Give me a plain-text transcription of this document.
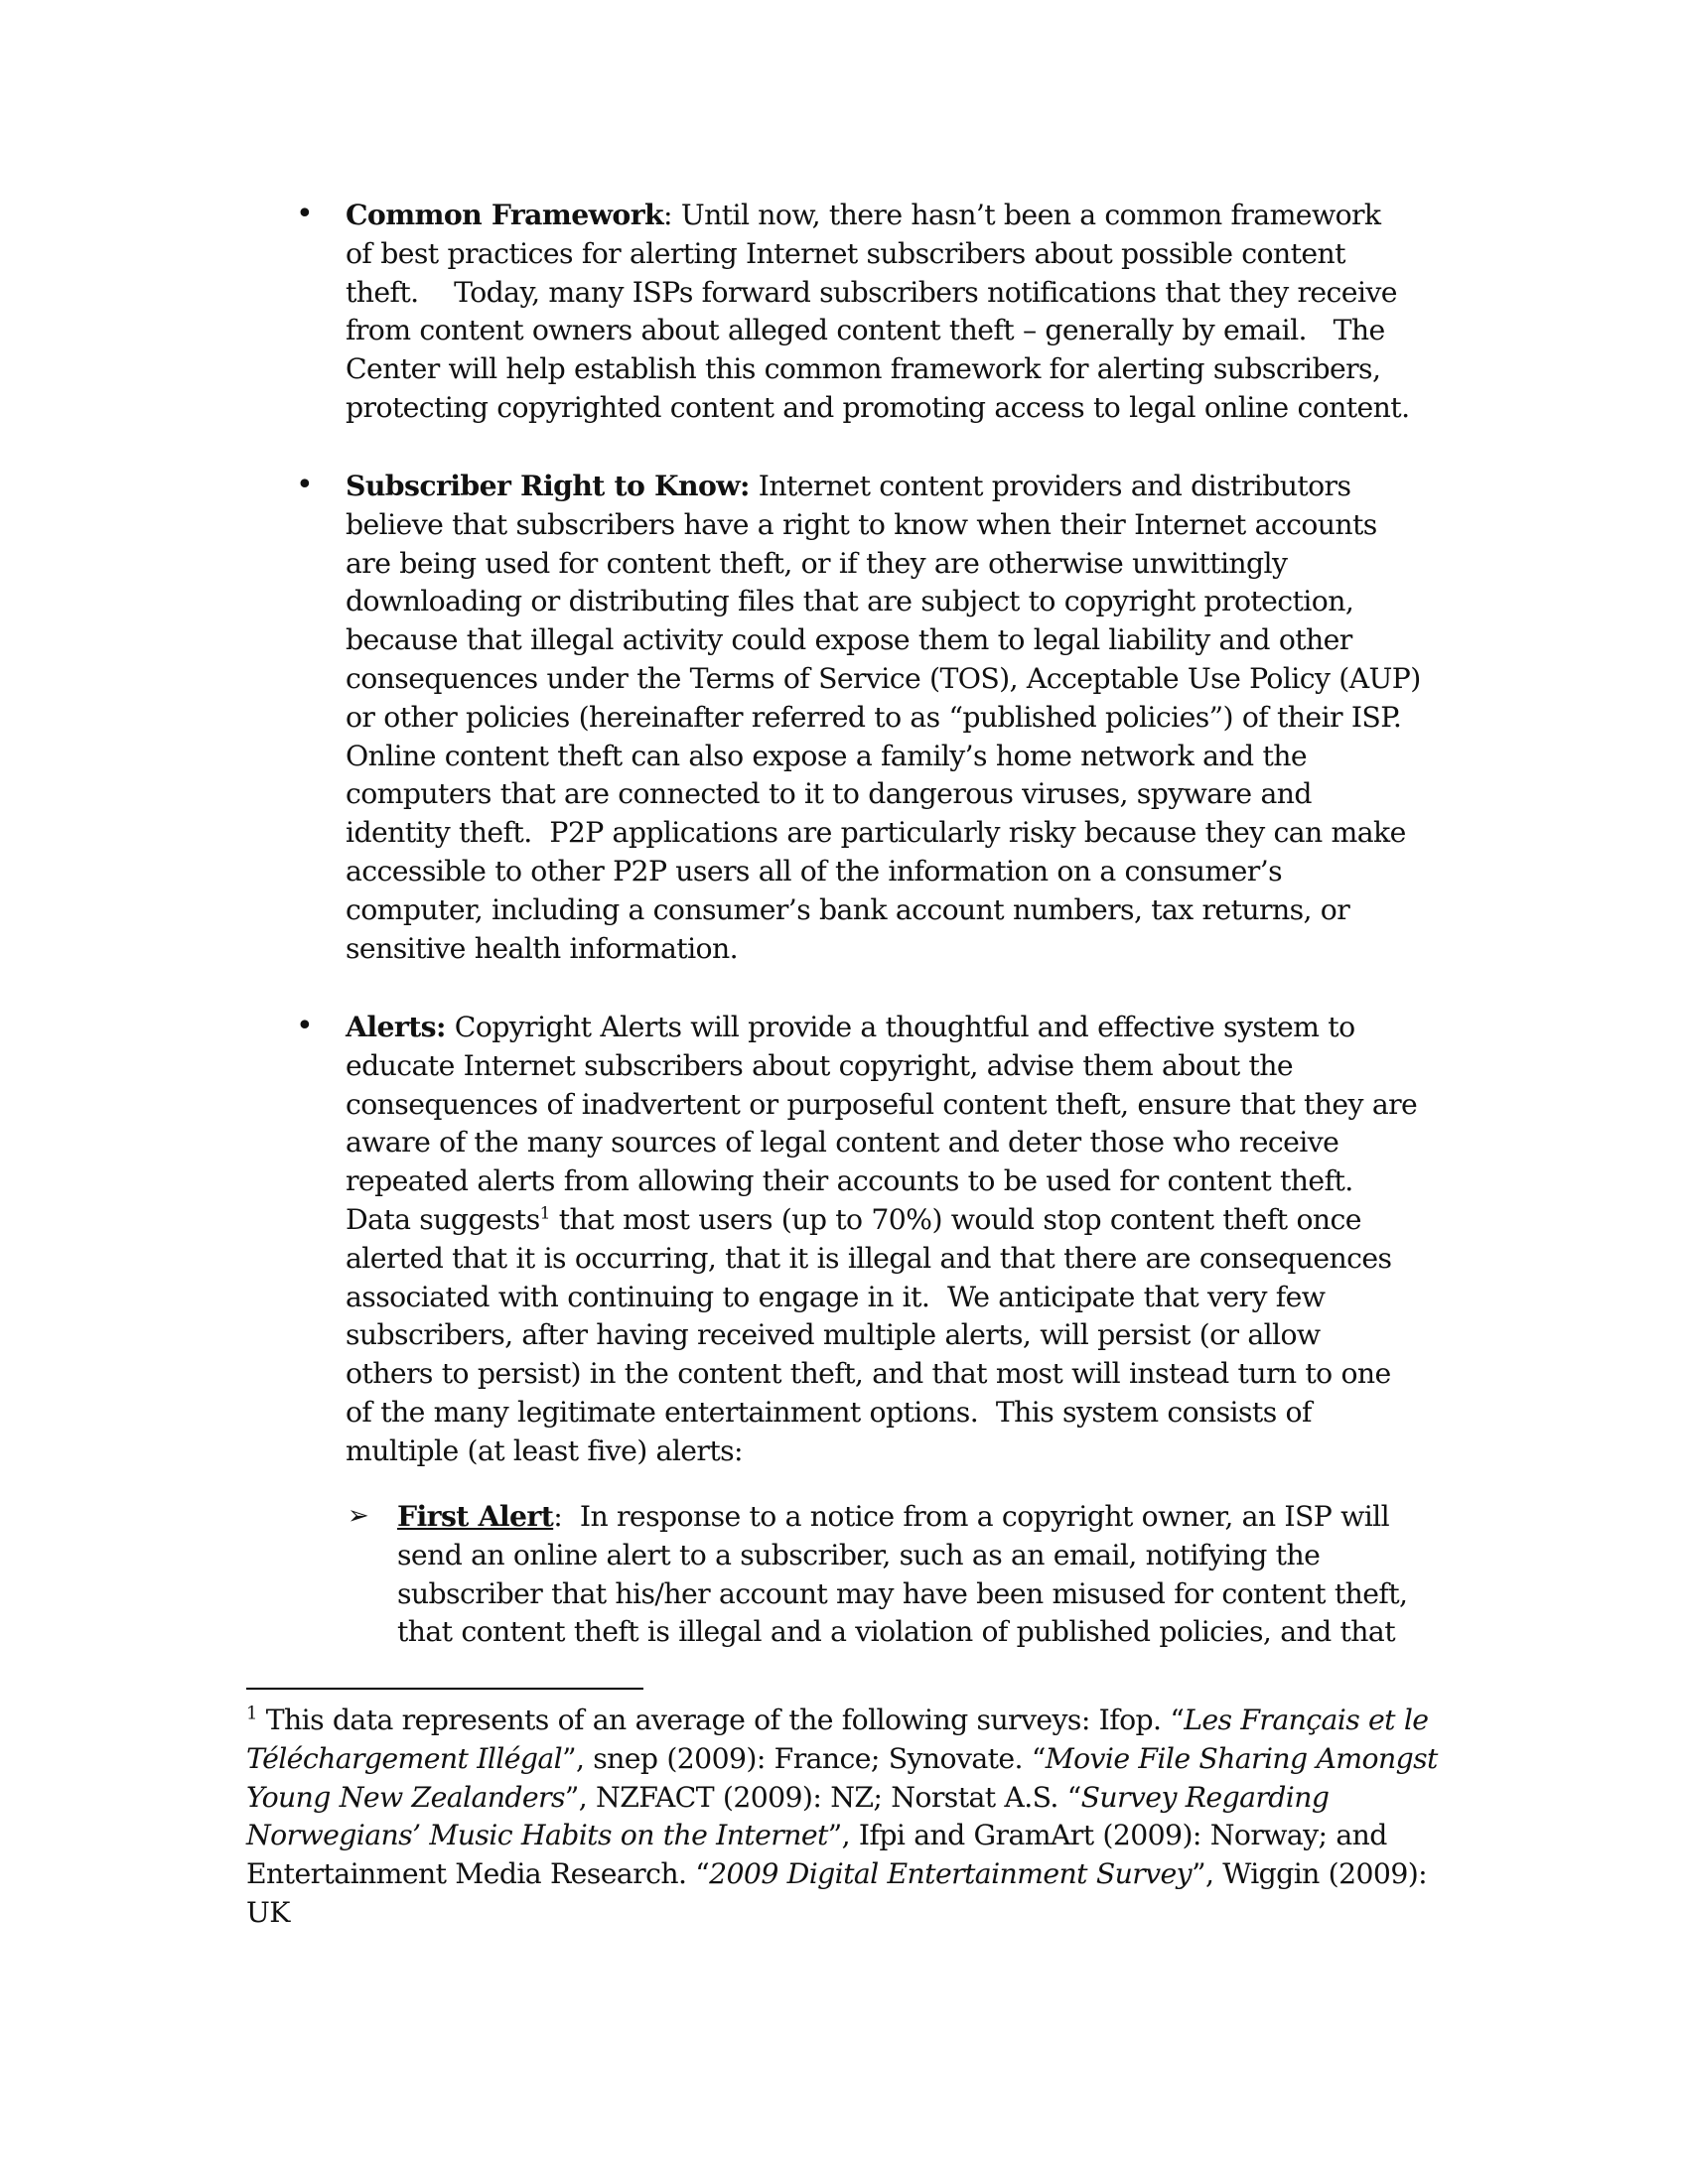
• Common Framework: Until now, there hasn’t been a common framework
of best practices for alerting Internet subscribers about possible content
theft.    Today, many ISPs forward subscribers notifications that they receive
from content owners about alleged content theft – generally by email.   The
Center will help establish this common framework for alerting subscribers,
protecting copyrighted content and promoting access to legal online content.
• Subscriber Right to Know: Internet content providers and distributors
believe that subscribers have a right to know when their Internet accounts
are being used for content theft, or if they are otherwise unwittingly
downloading or distributing files that are subject to copyright protection,
because that illegal activity could expose them to legal liability and other
consequences under the Terms of Service (TOS), Acceptable Use Policy (AUP)
or other policies (hereinafter referred to as “published policies”) of their ISP.
Online content theft can also expose a family’s home network and the
computers that are connected to it to dangerous viruses, spyware and
identity theft.  P2P applications are particularly risky because they can make
accessible to other P2P users all of the information on a consumer’s
computer, including a consumer’s bank account numbers, tax returns, or
sensitive health information.
• Alerts: Copyright Alerts will provide a thoughtful and effective system to
educate Internet subscribers about copyright, advise them about the
consequences of inadvertent or purposeful content theft, ensure that they are
aware of the many sources of legal content and deter those who receive
repeated alerts from allowing their accounts to be used for content theft.
Data suggests$^1$ that most users (up to 70%) would stop content theft once
alerted that it is occurring, that it is illegal and that there are consequences
associated with continuing to engage in it.  We anticipate that very few
subscribers, after having received multiple alerts, will persist (or allow
others to persist) in the content theft, and that most will instead turn to one
of the many legitimate entertainment options.  This system consists of
multiple (at least five) alerts:
➢ First Alert:  In response to a notice from a copyright owner, an ISP will
send an online alert to a subscriber, such as an email, notifying the
subscriber that his/her account may have been misused for content theft,
that content theft is illegal and a violation of published policies, and that
$^1$ This data represents of an average of the following surveys: Ifop. “Les Français et le
Téléchargement Illégal”, snep (2009): France; Synovate. “Movie File Sharing Amongst
Young New Zealanders”, NZFACT (2009): NZ; Norstat A.S. “Survey Regarding
Norwegians’ Music Habits on the Internet”, Ifpi and GramArt (2009): Norway; and
Entertainment Media Research. “2009 Digital Entertainment Survey”, Wiggin (2009):
UK
